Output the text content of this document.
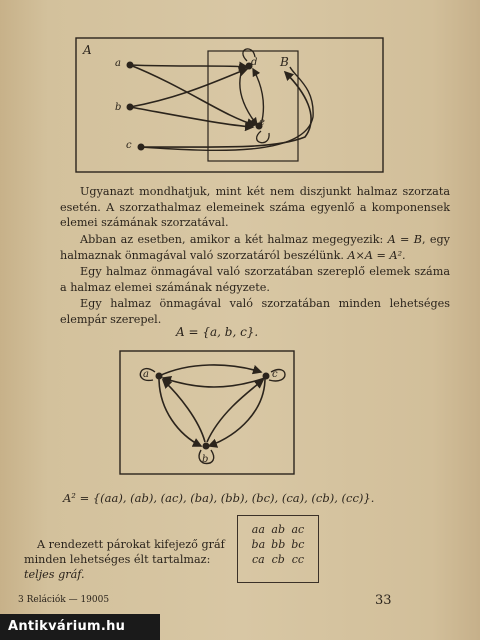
A
B
a
b
c
d
e

Ugyanazt mondhatjuk, mint két nem diszjunkt halmaz szorzata esetén. A szorzathalmaz elemeinek száma egyenlő a komponensek elemei számának szorzatával.

Abban az esetben, amikor a két halmaz megegyezik: A = B, egy halmaznak önmagával való szorzatáról beszélünk. A×A = A².

Egy halmaz önmagával való szorzatában szereplő elemek száma a halmaz elemei számának négyzete.

Egy halmaz önmagával való szorzatában minden lehetséges elempár szerepel.

A = {a, b, c}.
a	c
b
A² = {(aa), (ab), (ac), (ba), (bb), (bc), (ca), (cb), (cc)}.
A rendezett párokat kifejező gráf
minden lehetséges élt tartalmaz:
teljes gráf.
aa	ab	ac
ba	bb	bc
ca	cb	cc
3 Relációk — 19005	33
Antikvárium.hu
